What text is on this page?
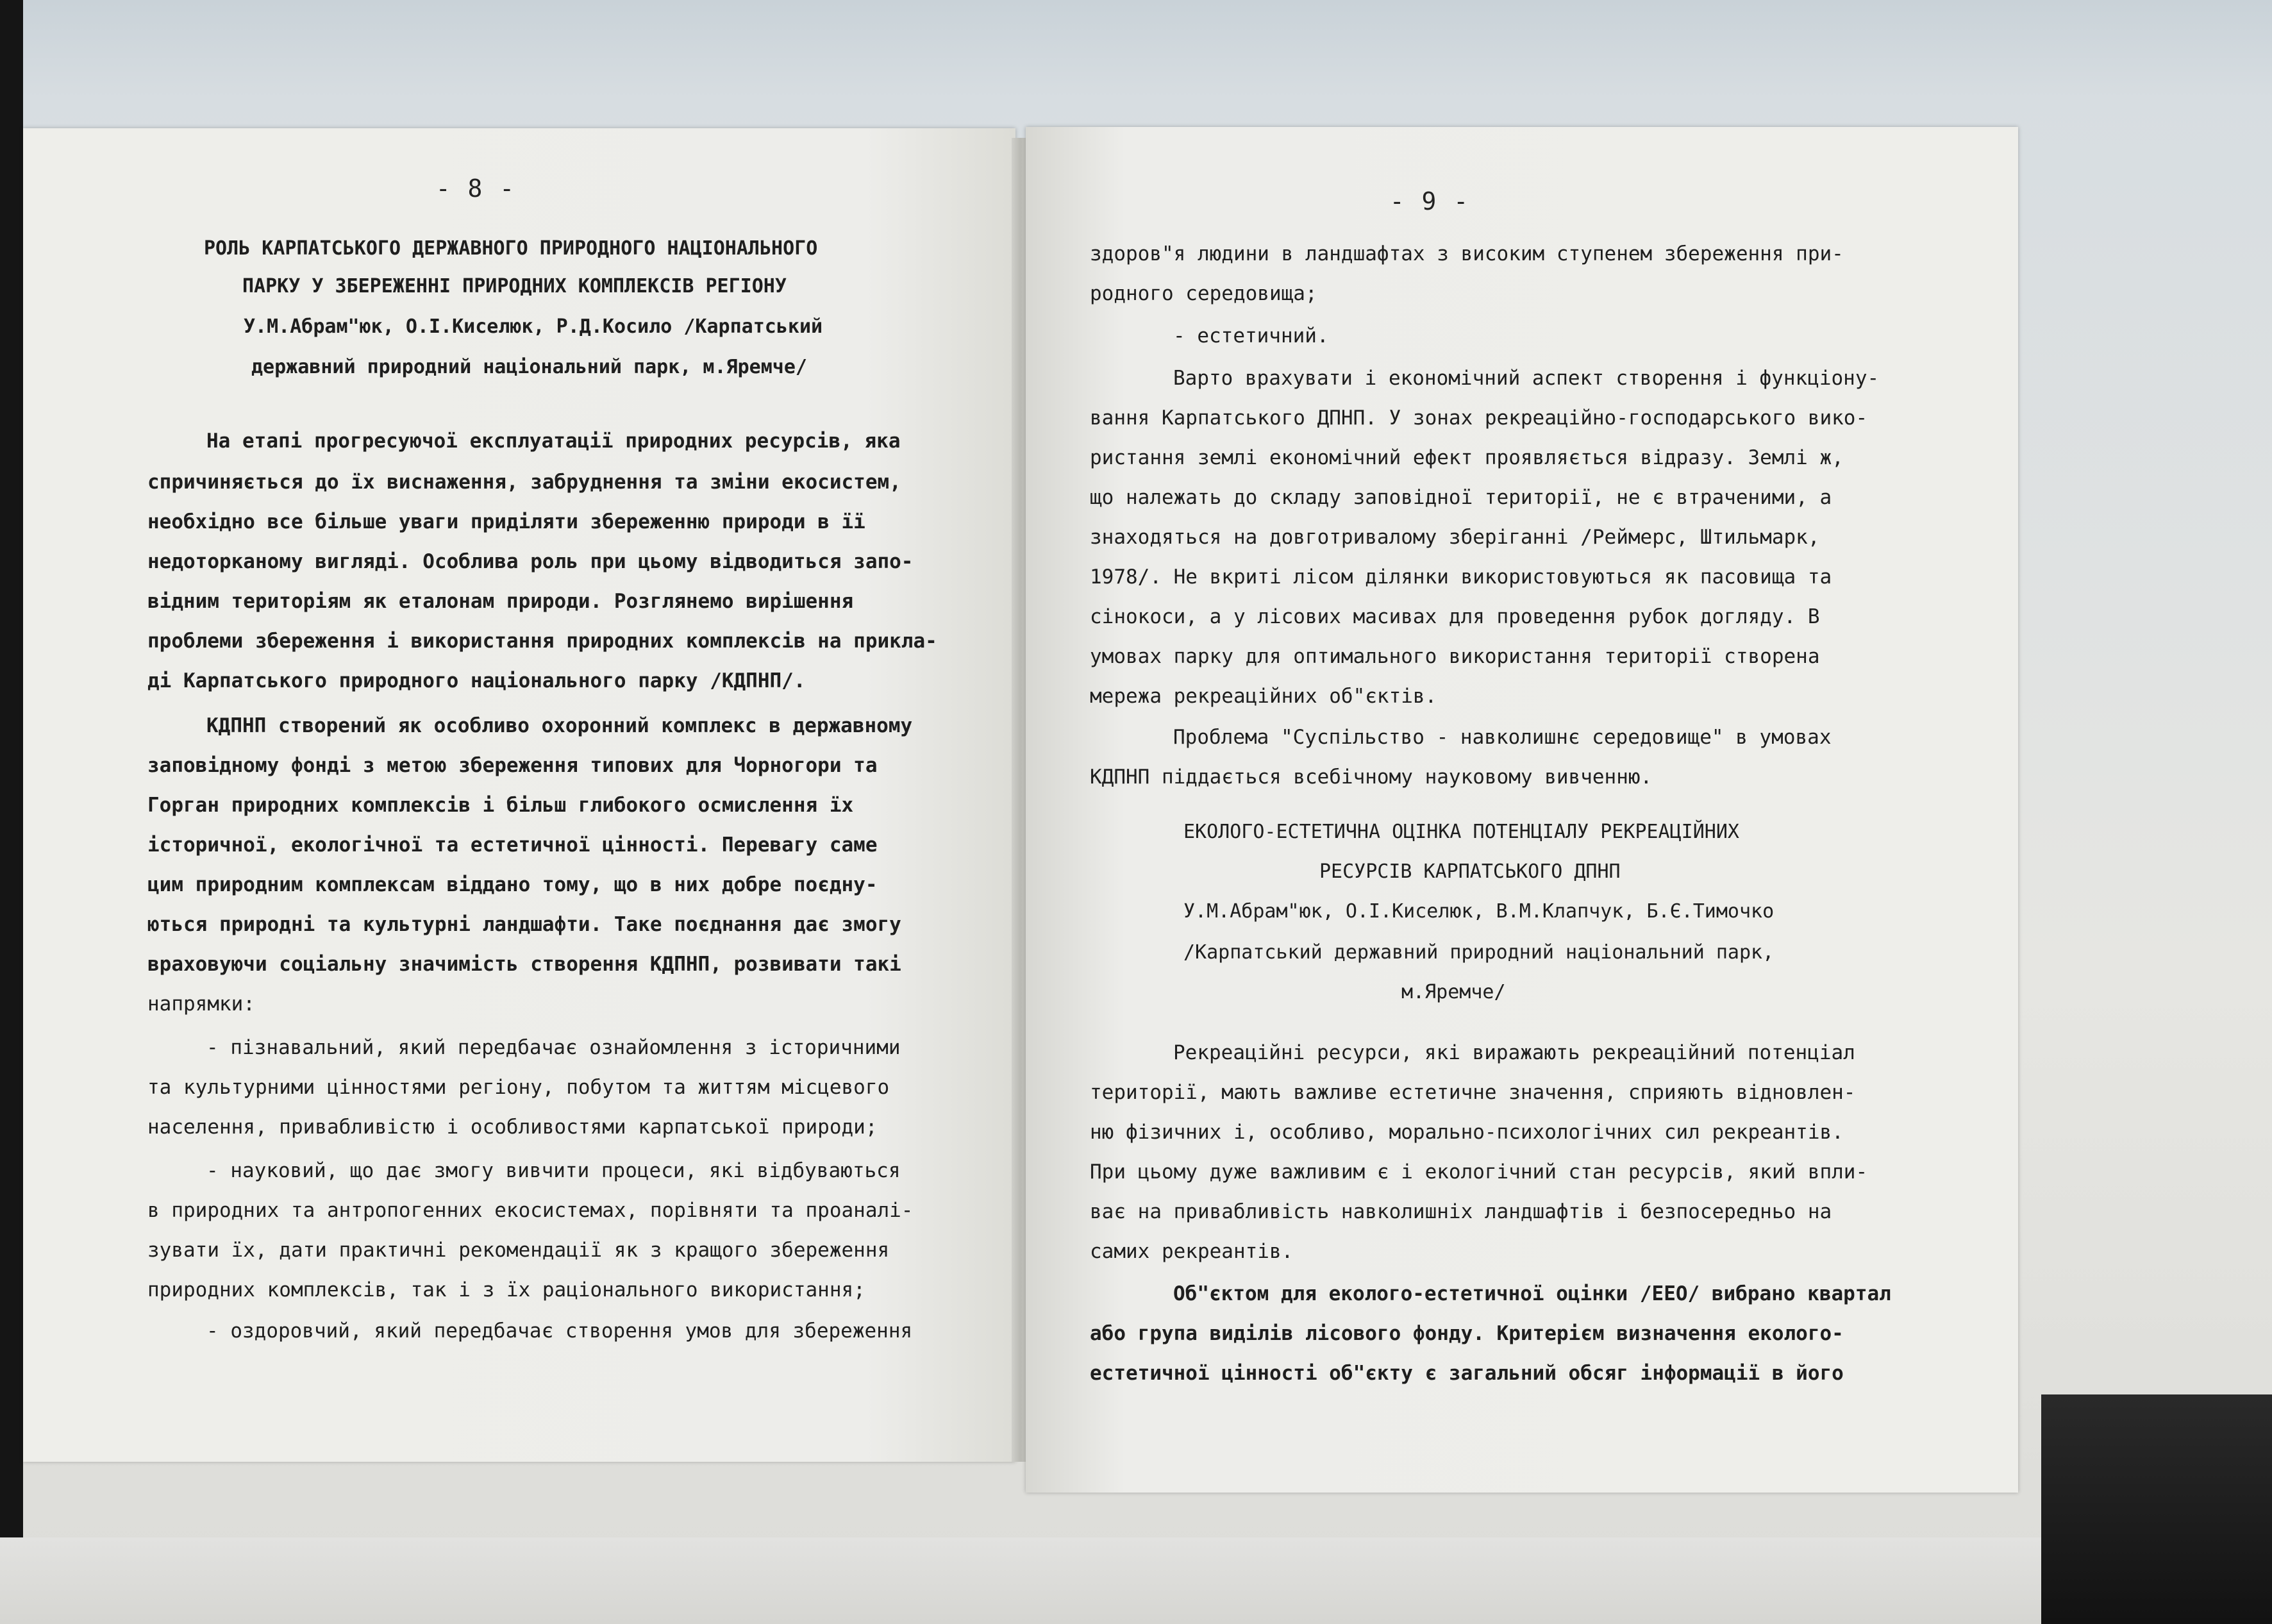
- 8 -
РОЛЬ КАРПАТСЬКОГО ДЕРЖАВНОГО ПРИРОДНОГО НАЦІОНАЛЬНОГО
ПАРКУ У ЗБЕРЕЖЕННІ ПРИРОДНИХ КОМПЛЕКСІВ РЕГІОНУ
У.М.Абрам"юк, О.І.Киселюк, Р.Д.Косило /Карпатський
державний природний національний парк, м.Яремче/
На етапі прогресуючої експлуатації природних ресурсів, яка
спричиняється до їх виснаження, забруднення та зміни екосистем,
необхідно все більше уваги приділяти збереженню природи в її
недоторканому вигляді. Особлива роль при цьому відводиться запо-
відним територіям як еталонам природи. Розглянемо вирішення
проблеми збереження і використання природних комплексів на прикла-
ді Карпатського природного національного парку /КДПНП/.
КДПНП створений як особливо охоронний комплекс в державному
заповідному фонді з метою збереження типових для Чорногори та
Горган природних комплексів і більш глибокого осмислення їх
історичної, екологічної та естетичної цінності. Перевагу саме
цим природним комплексам віддано тому, що в них добре поєдну-
ються природні та культурні ландшафти. Таке поєднання дає змогу
враховуючи соціальну значимість створення КДПНП, розвивати такі
напрямки:
- пізнавальний, який передбачає ознайомлення з історичними
та культурними цінностями регіону, побутом та життям місцевого
населення, привабливістю і особливостями карпатської природи;
- науковий, що дає змогу вивчити процеси, які відбуваються
в природних та антропогенних екосистемах, порівняти та проаналі-
зувати їх, дати практичні рекомендації як з кращого збереження
природних комплексів, так і з їх раціонального використання;
- оздоровчий, який передбачає створення умов для збереження
- 9 -
здоров"я людини в ландшафтах з високим ступенем збереження при-
родного середовища;
- естетичний.
Варто врахувати і економічний аспект створення і функціону-
вання Карпатського ДПНП. У зонах рекреаційно-господарського вико-
ристання землі економічний ефект проявляється відразу. Землі ж,
що належать до складу заповідної території, не є втраченими, а
знаходяться на довготривалому зберіганні /Реймерс, Штильмарк,
1978/. Не вкриті лісом ділянки використовуються як пасовища та
сінокоси, а у лісових масивах для проведення рубок догляду. В
умовах парку для оптимального використання території створена
мережа рекреаційних об"єктів.
Проблема "Суспільство - навколишнє середовище" в умовах
КДПНП піддається всебічному науковому вивченню.
ЕКОЛОГО-ЕСТЕТИЧНА ОЦІНКА ПОТЕНЦІАЛУ РЕКРЕАЦІЙНИХ
РЕСУРСІВ КАРПАТСЬКОГО ДПНП
У.М.Абрам"юк, О.І.Киселюк, В.М.Клапчук, Б.Є.Тимочко
/Карпатський державний природний національний парк,
м.Яремче/
Рекреаційні ресурси, які виражають рекреаційний потенціал
території, мають важливе естетичне значення, сприяють відновлен-
ню фізичних і, особливо, морально-психологічних сил рекреантів.
При цьому дуже важливим є і екологічний стан ресурсів, який впли-
ває на привабливість навколишніх ландшафтів і безпосередньо на
самих рекреантів.
Об"єктом для еколого-естетичної оцінки /ЕЕО/ вибрано квартал
або група виділів лісового фонду. Критерієм визначення еколого-
естетичної цінності об"єкту є загальний обсяг інформації в його
